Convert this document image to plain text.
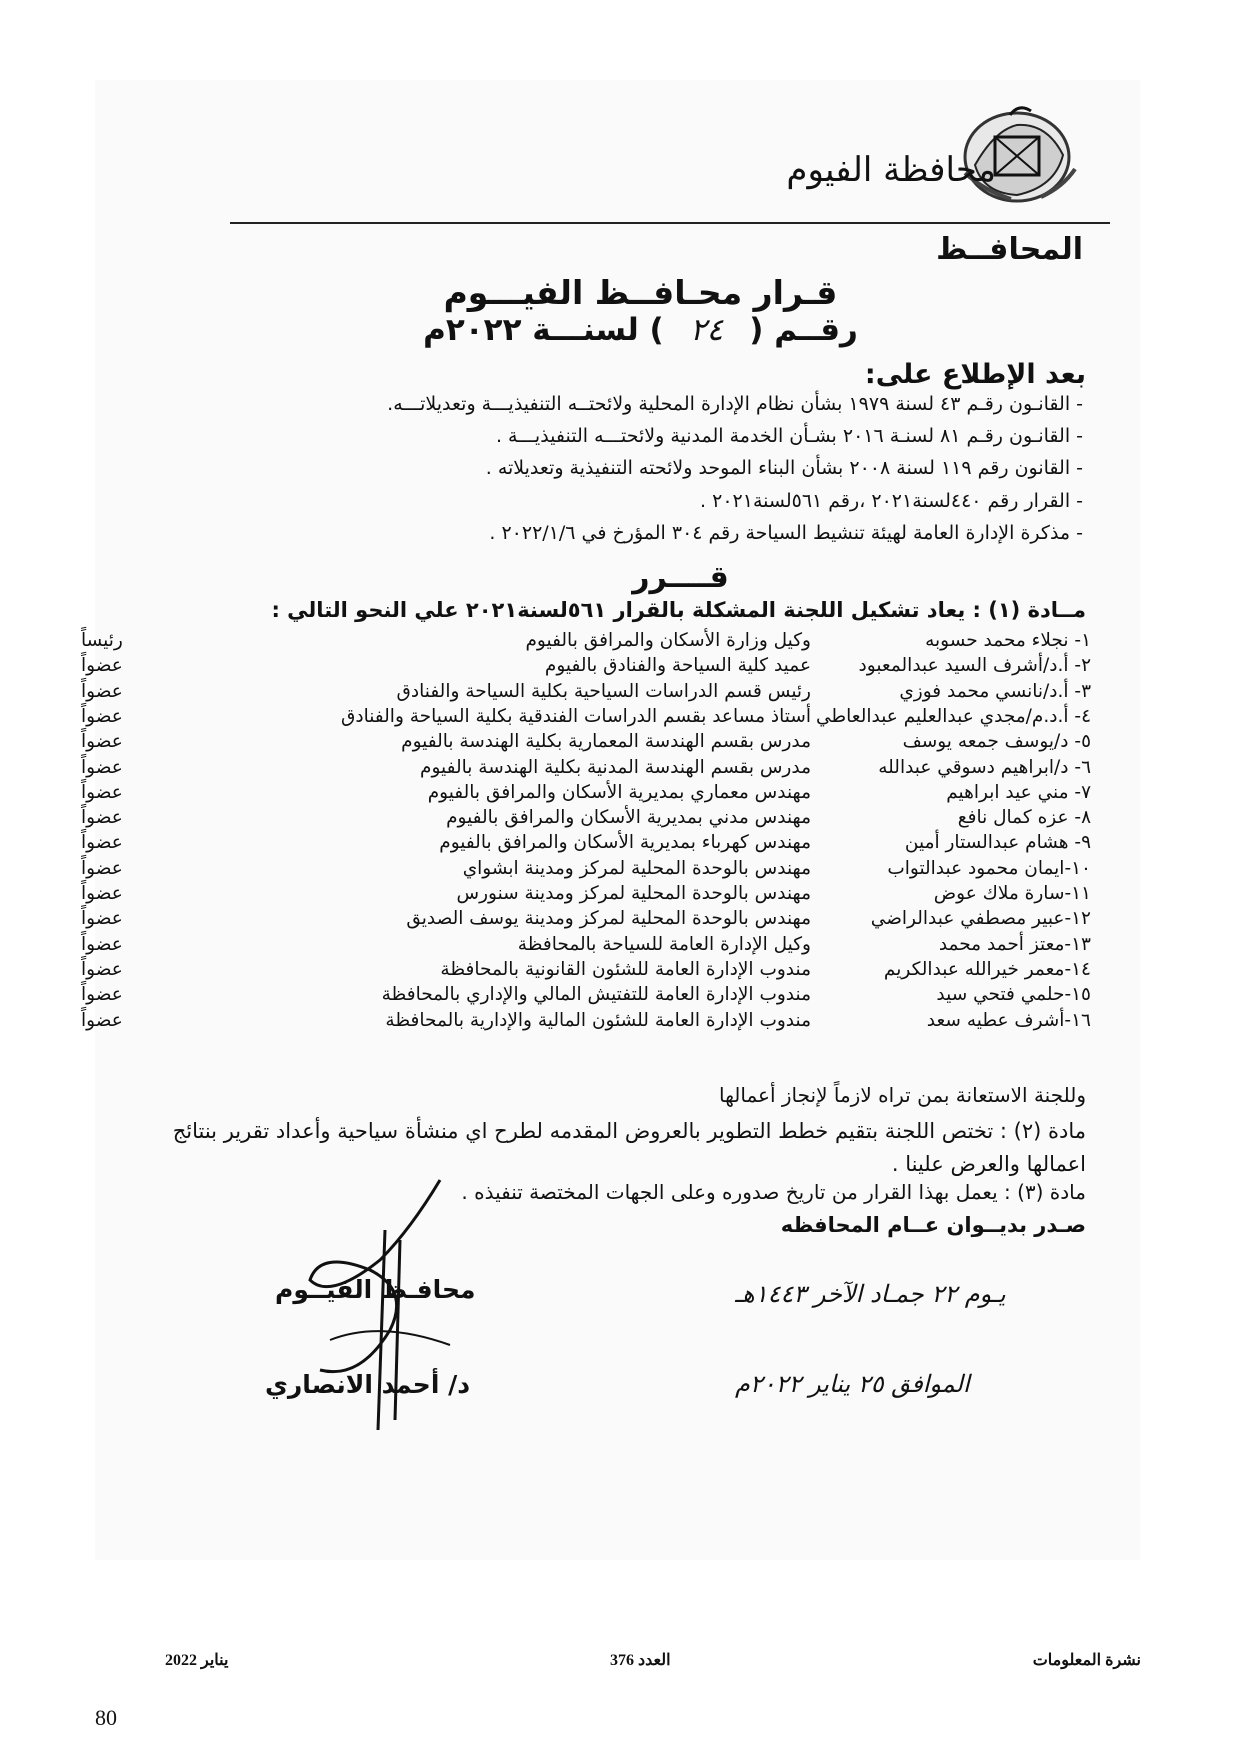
محافظة الفيوم
المحافــظ
قـرار محـافــظ الفيـــوم
رقــم ( ٢٤ ) لسنـــة ٢٠٢٢م
بعد الإطلاع على:
- القانـون رقـم ٤٣ لسنة ١٩٧٩ بشأن نظام الإدارة المحلية ولائحتــه التنفيذيـــة وتعديلاتـــه.
- القانـون رقـم ٨١ لسنـة ٢٠١٦ بشـأن الخدمة المدنية ولائحتـــه التنفيذيـــة .
- القانون رقم ١١٩ لسنة ٢٠٠٨ بشأن البناء الموحد ولائحته التنفيذية وتعديلاته .
- القرار رقم ٤٤٠لسنة٢٠٢١ ،رقم ٥٦١لسنة٢٠٢١ .
- مذكرة الإدارة العامة لهيئة تنشيط السياحة رقم ٣٠٤ المؤرخ في ٢٠٢٢/١/٦ .
قــــرر
مــادة (١) : يعاد تشكيل اللجنة المشكلة بالقرار ٥٦١لسنة٢٠٢١ علي النحو التالي :
١- نجلاء محمد حسوبه
وكيل وزارة الأسكان والمرافق بالفيوم
رئيساً
٢- أ.د/أشرف السيد عبدالمعبود
عميد كلية السياحة والفنادق بالفيوم
عضواً
٣- أ.د/نانسي محمد فوزي
رئيس قسم الدراسات السياحية بكلية السياحة والفنادق
عضواً
٤- أ.د.م/مجدي عبدالعليم عبدالعاطي
أستاذ مساعد بقسم الدراسات الفندقية بكلية السياحة والفنادق
عضواً
٥- د/يوسف جمعه يوسف
مدرس بقسم الهندسة المعمارية بكلية الهندسة بالفيوم
عضواً
٦- د/ابراهيم دسوقي عبدالله
مدرس بقسم الهندسة المدنية بكلية الهندسة بالفيوم
عضواً
٧- مني عيد ابراهيم
مهندس معماري بمديرية الأسكان والمرافق بالفيوم
عضواً
٨- عزه كمال نافع
مهندس مدني بمديرية الأسكان والمرافق بالفيوم
عضواً
٩- هشام عبدالستار أمين
مهندس كهرباء بمديرية الأسكان والمرافق بالفيوم
عضواً
١٠-ايمان محمود عبدالتواب
مهندس بالوحدة المحلية لمركز ومدينة ابشواي
عضواً
١١-سارة ملاك عوض
مهندس بالوحدة المحلية لمركز ومدينة سنورس
عضواً
١٢-عبير مصطفي عبدالراضي
مهندس بالوحدة المحلية لمركز ومدينة يوسف الصديق
عضواً
١٣-معتز أحمد محمد
وكيل الإدارة العامة للسياحة بالمحافظة
عضواً
١٤-معمر خيرالله عبدالكريم
مندوب الإدارة العامة للشئون القانونية بالمحافظة
عضواً
١٥-حلمي فتحي سيد
مندوب الإدارة العامة للتفتيش المالي والإداري بالمحافظة
عضواً
١٦-أشرف عطيه سعد
مندوب الإدارة العامة للشئون المالية والإدارية بالمحافظة
عضواً
وللجنة الاستعانة بمن تراه لازماً لإنجاز أعمالها
مادة (٢) : تختص اللجنة بتقيم خطط التطوير بالعروض المقدمه لطرح اي منشأة سياحية وأعداد تقرير بنتائج اعمالها والعرض علينا .
مادة (٣) : يعمل بهذا القرار من تاريخ صدوره وعلى الجهات المختصة تنفيذه .
صـدر بديــوان عــام المحافظه
محافـظ الفيــوم
د/ أحمد الانصاري
يـوم ٢٢ جمـاد الآخر ١٤٤٣هـ
الموافق ٢٥ يناير ٢٠٢٢م
يناير 2022	العدد 376	نشرة المعلومات
80
